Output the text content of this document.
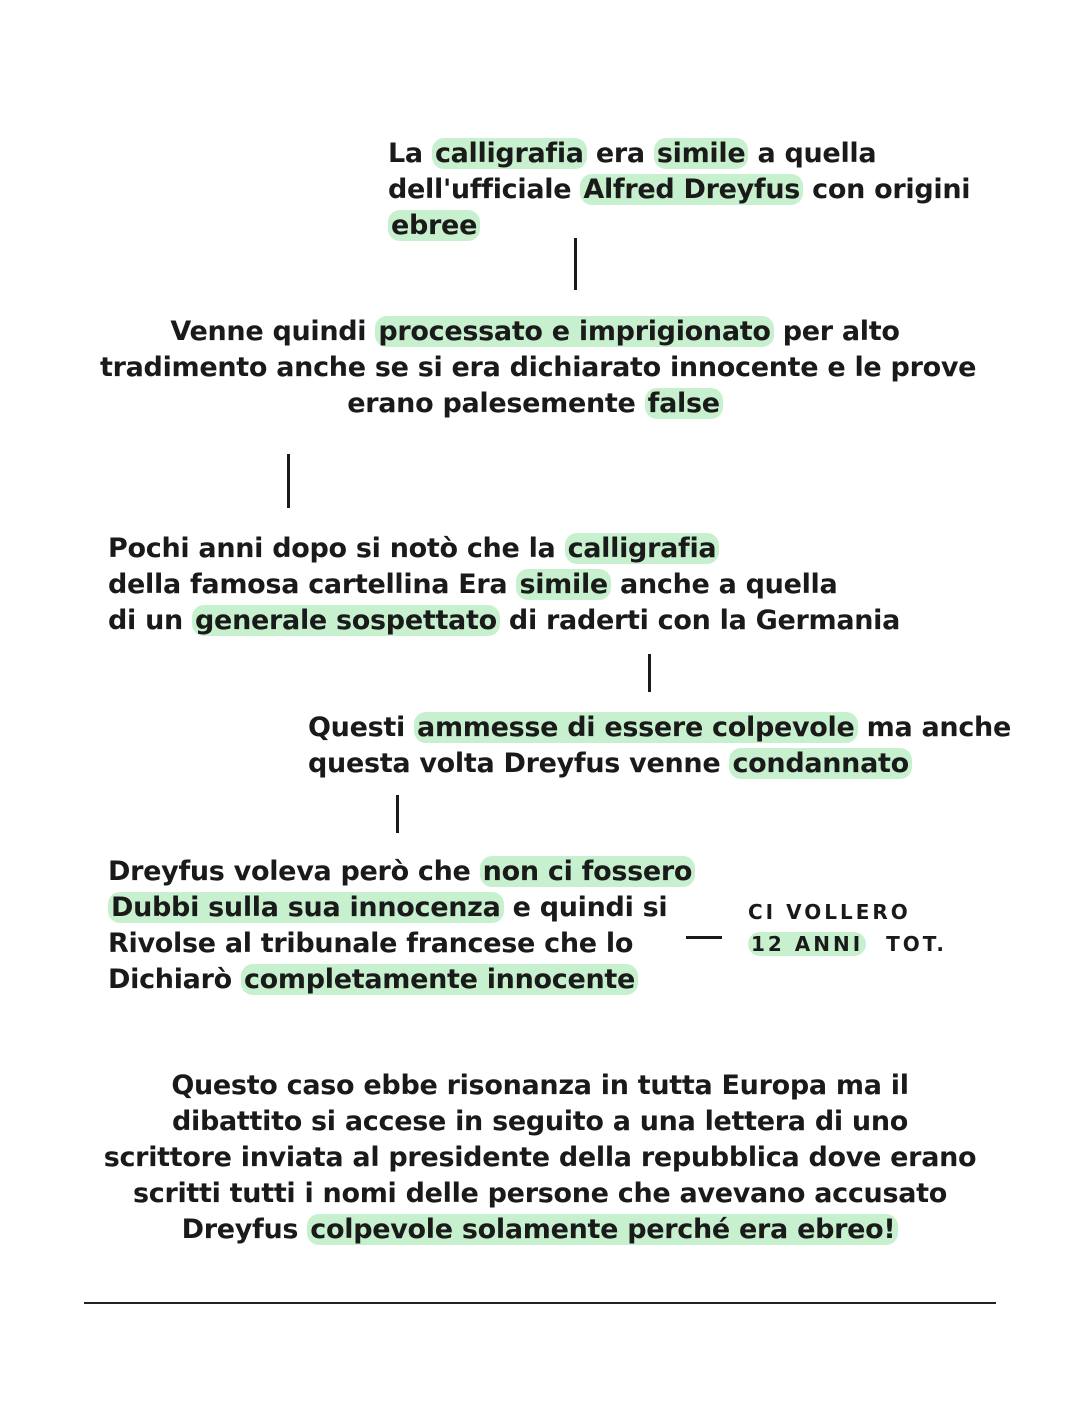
La calligrafia era simile a quella
dell'ufficiale Alfred Dreyfus con origini
ebree
Venne quindi processato e imprigionato per alto
tradimento anche se si era dichiarato innocente e le prove
erano palesemente false
Pochi anni dopo si notò che la calligrafia
della famosa cartellina Era simile anche a quella
di un generale sospettato di raderti con la Germania
Questi ammesse di essere colpevole ma anche
questa volta Dreyfus venne condannato
Dreyfus voleva però che non ci fossero
Dubbi sulla sua innocenza e quindi si
Rivolse al tribunale francese che lo
Dichiarò completamente innocente
CI VOLLERO
12 ANNI TOT.
Questo caso ebbe risonanza in tutta Europa ma il
dibattito si accese in seguito a una lettera di uno
scrittore inviata al presidente della repubblica dove erano
scritti tutti i nomi delle persone che avevano accusato
Dreyfus colpevole solamente perché era ebreo!
